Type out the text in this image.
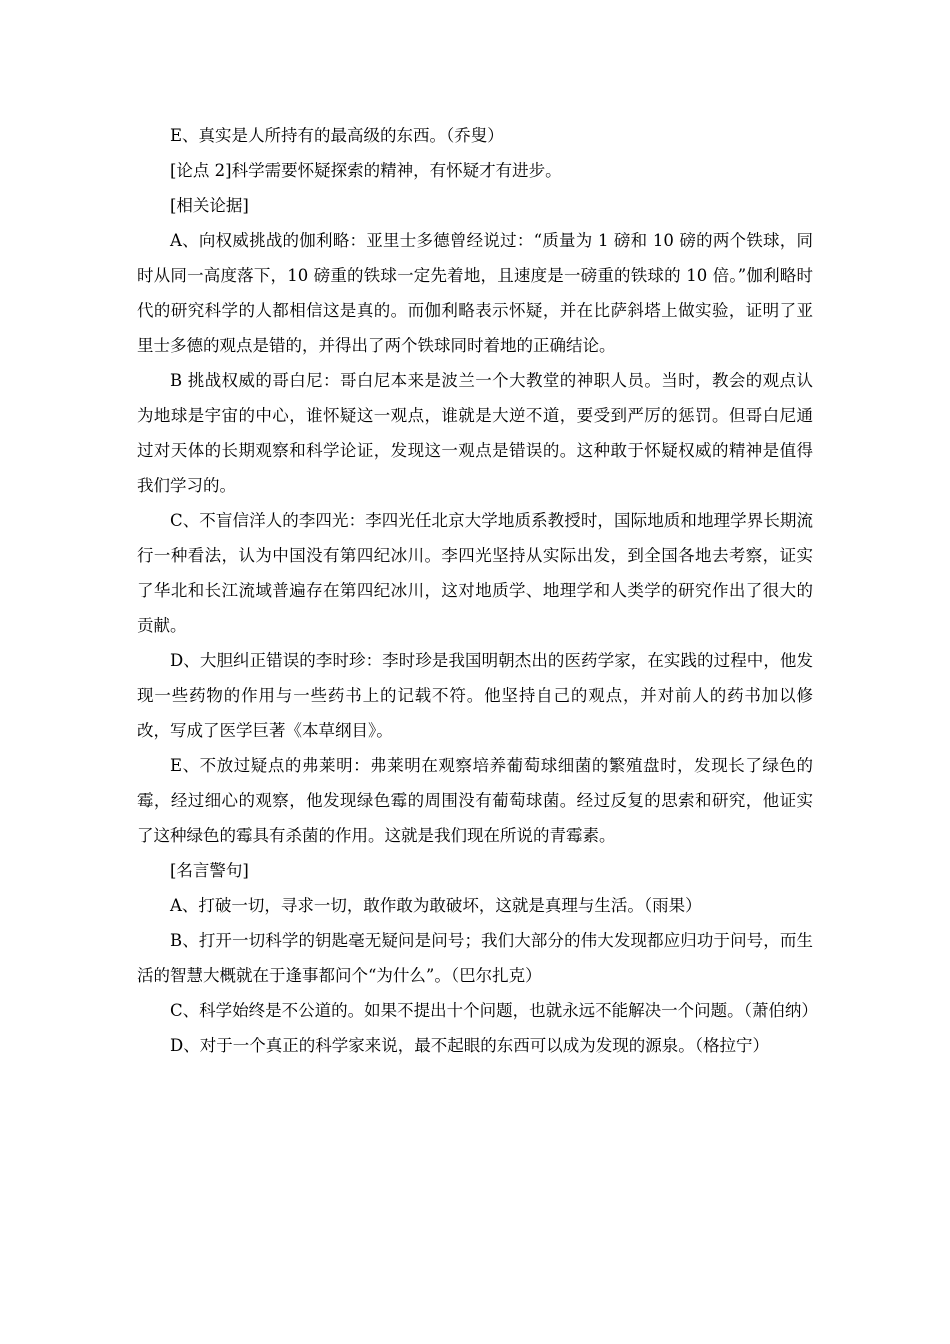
E、真实是人所持有的最高级的东西。（乔叟）

[论点 2]科学需要怀疑探索的精神，有怀疑才有进步。

[相关论据]

A、向权威挑战的伽利略：亚里士多德曾经说过：“质量为 1 磅和 10 磅的两个铁球，同时从同一高度落下，10 磅重的铁球一定先着地，且速度是一磅重的铁球的 10 倍。”伽利略时代的研究科学的人都相信这是真的。而伽利略表示怀疑，并在比萨斜塔上做实验，证明了亚里士多德的观点是错的，并得出了两个铁球同时着地的正确结论。

B 挑战权威的哥白尼：哥白尼本来是波兰一个大教堂的神职人员。当时，教会的观点认为地球是宇宙的中心，谁怀疑这一观点，谁就是大逆不道，要受到严厉的惩罚。但哥白尼通过对天体的长期观察和科学论证，发现这一观点是错误的。这种敢于怀疑权威的精神是值得我们学习的。

C、不盲信洋人的李四光：李四光任北京大学地质系教授时，国际地质和地理学界长期流行一种看法，认为中国没有第四纪冰川。李四光坚持从实际出发，到全国各地去考察，证实了华北和长江流域普遍存在第四纪冰川，这对地质学、地理学和人类学的研究作出了很大的贡献。

D、大胆纠正错误的李时珍：李时珍是我国明朝杰出的医药学家，在实践的过程中，他发现一些药物的作用与一些药书上的记载不符。他坚持自己的观点，并对前人的药书加以修改，写成了医学巨著《本草纲目》。

E、不放过疑点的弗莱明：弗莱明在观察培养葡萄球细菌的繁殖盘时，发现长了绿色的霉，经过细心的观察，他发现绿色霉的周围没有葡萄球菌。经过反复的思索和研究，他证实了这种绿色的霉具有杀菌的作用。这就是我们现在所说的青霉素。

[名言警句]

A、打破一切，寻求一切，敢作敢为敢破坏，这就是真理与生活。（雨果）

B、打开一切科学的钥匙毫无疑问是问号；我们大部分的伟大发现都应归功于问号，而生活的智慧大概就在于逢事都问个“为什么”。（巴尔扎克）

C、科学始终是不公道的。如果不提出十个问题，也就永远不能解决一个问题。（萧伯纳）

D、对于一个真正的科学家来说，最不起眼的东西可以成为发现的源泉。（格拉宁）
